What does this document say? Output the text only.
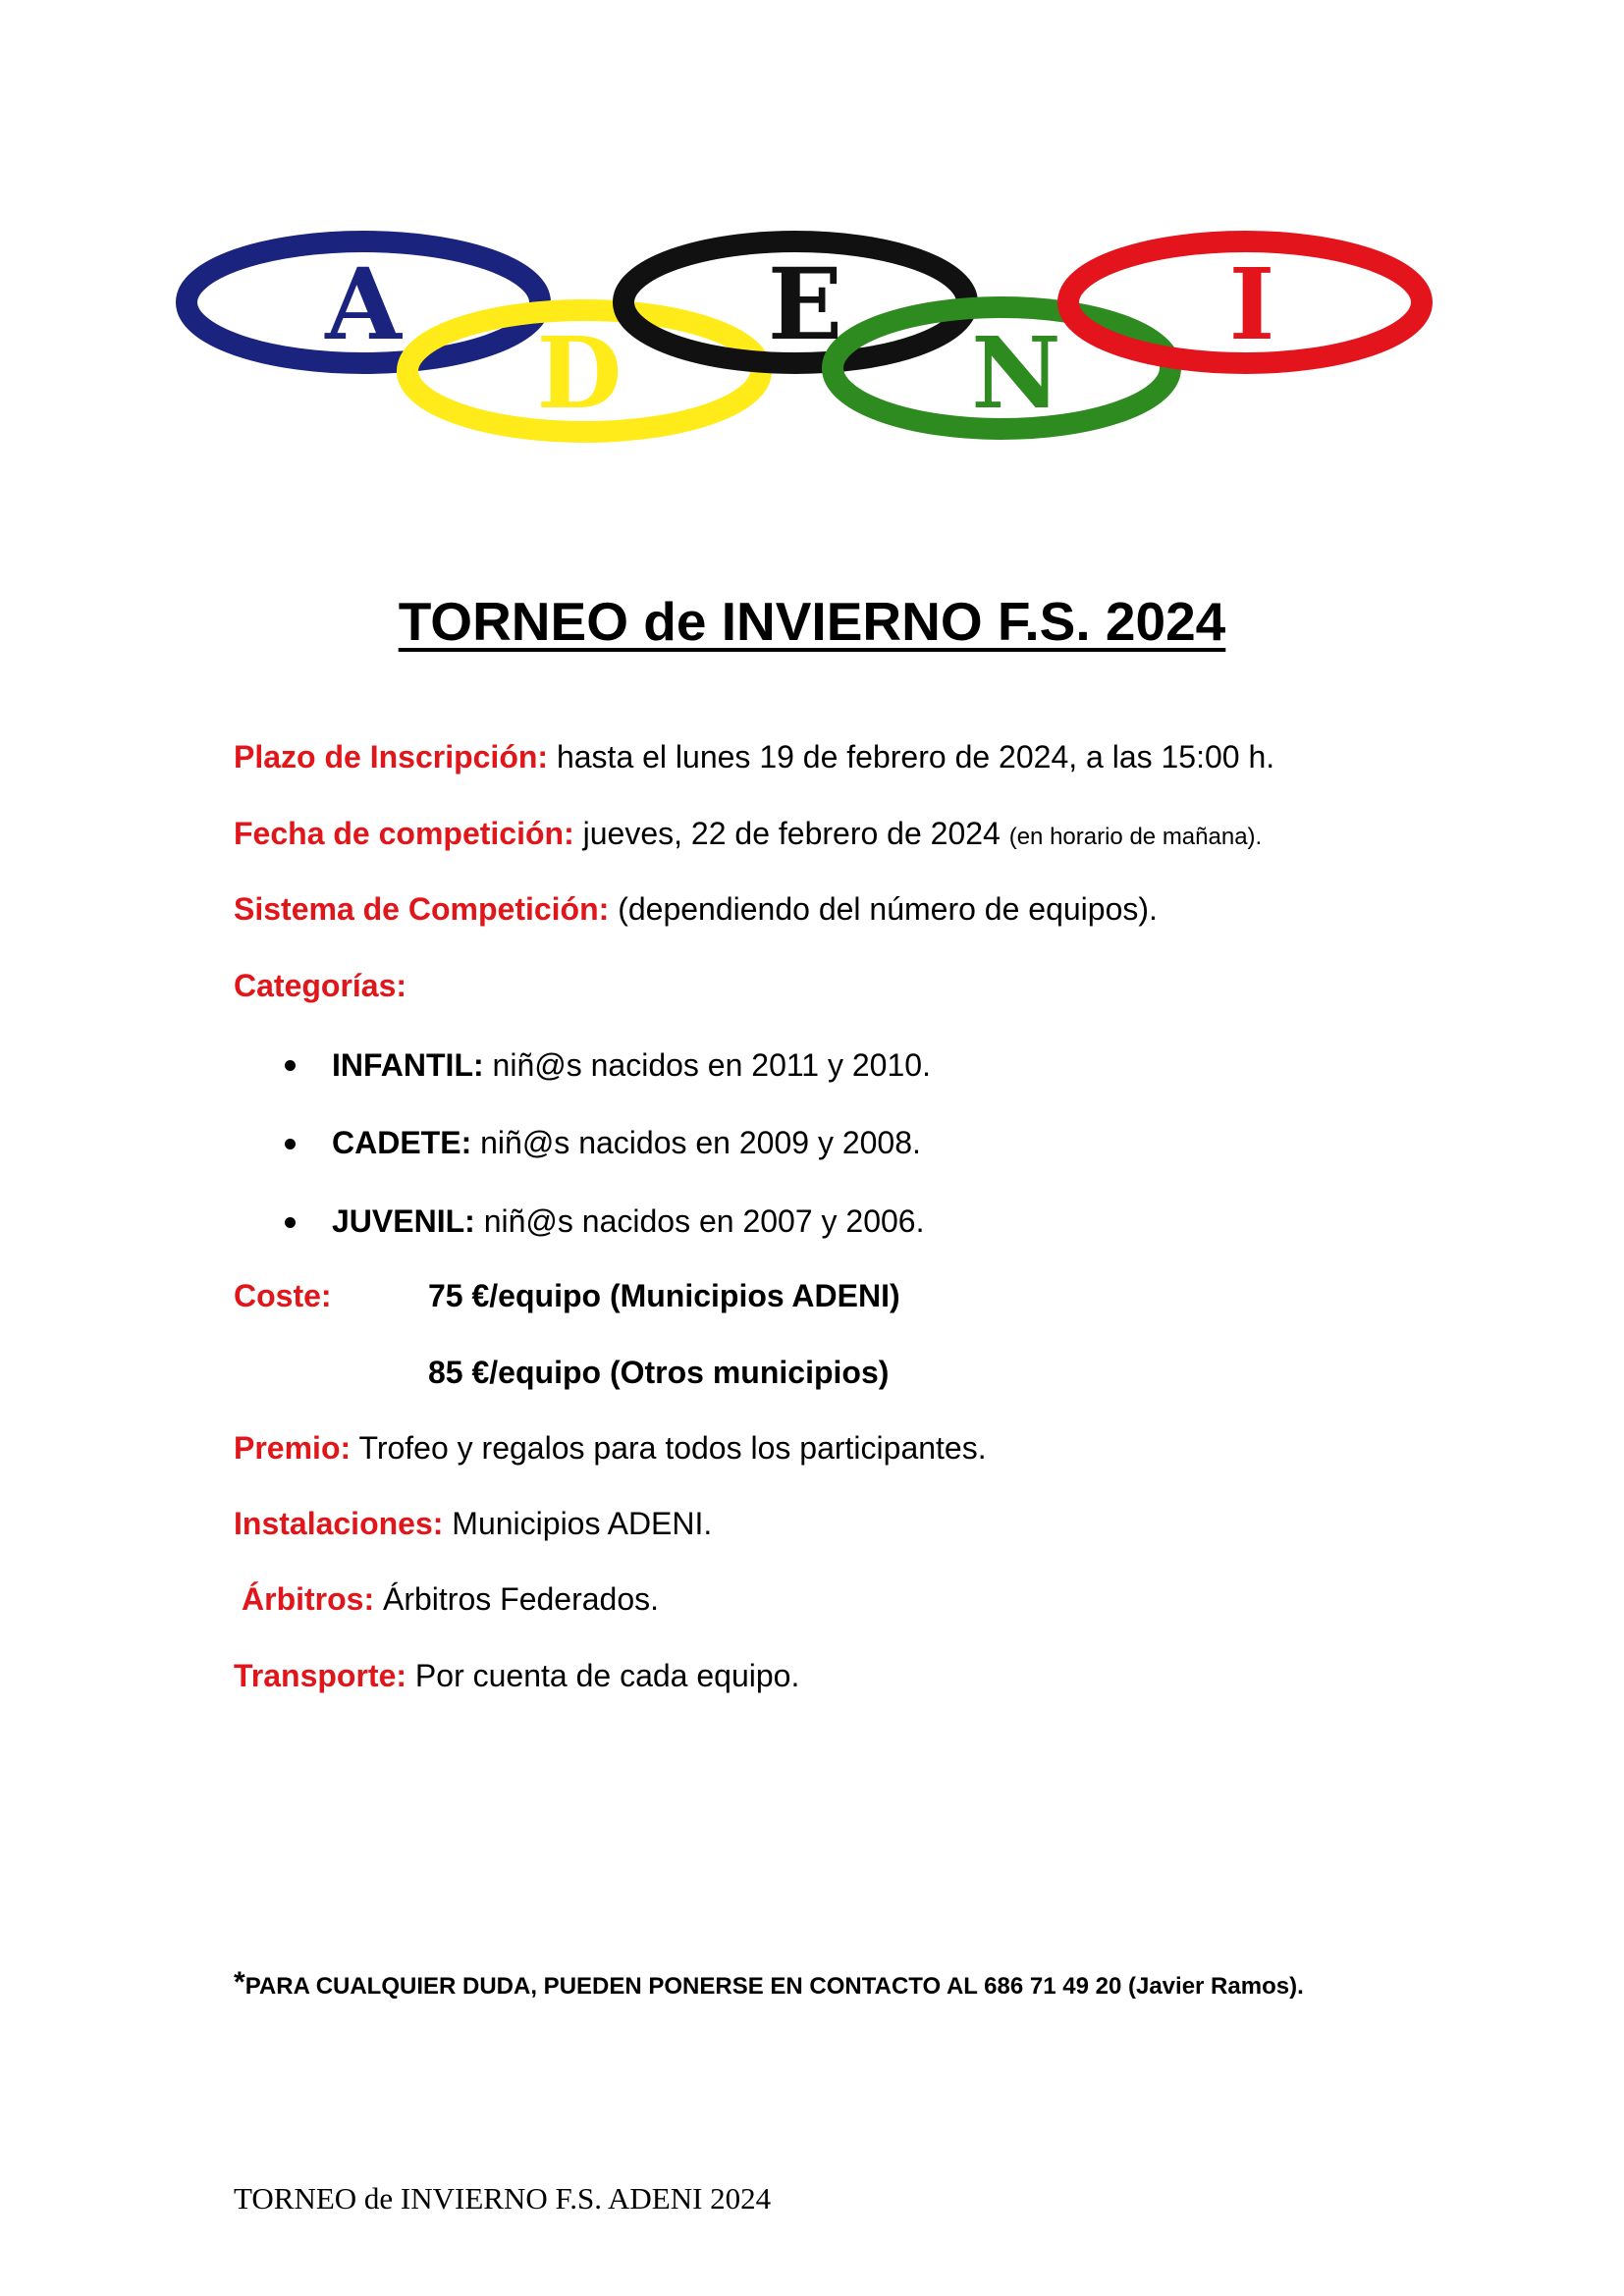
A
D
E
N
I
TORNEO de INVIERNO F.S. 2024
Plazo de Inscripción: hasta el lunes 19 de febrero de 2024, a las 15:00 h.
Fecha de competición: jueves, 22 de febrero de 2024 (en horario de mañana).
Sistema de Competición: (dependiendo del número de equipos).
Categorías:
INFANTIL: niñ@s nacidos en 2011 y 2010.
CADETE: niñ@s nacidos en 2009 y 2008.
JUVENIL: niñ@s nacidos en 2007 y 2006.
Coste:	75 €/equipo (Municipios ADENI)
85 €/equipo (Otros municipios)
Premio: Trofeo y regalos para todos los participantes.
Instalaciones: Municipios ADENI.
Árbitros: Árbitros Federados.
Transporte: Por cuenta de cada equipo.
*PARA CUALQUIER DUDA, PUEDEN PONERSE EN CONTACTO AL 686 71 49 20 (Javier Ramos).
TORNEO de INVIERNO F.S. ADENI 2024
